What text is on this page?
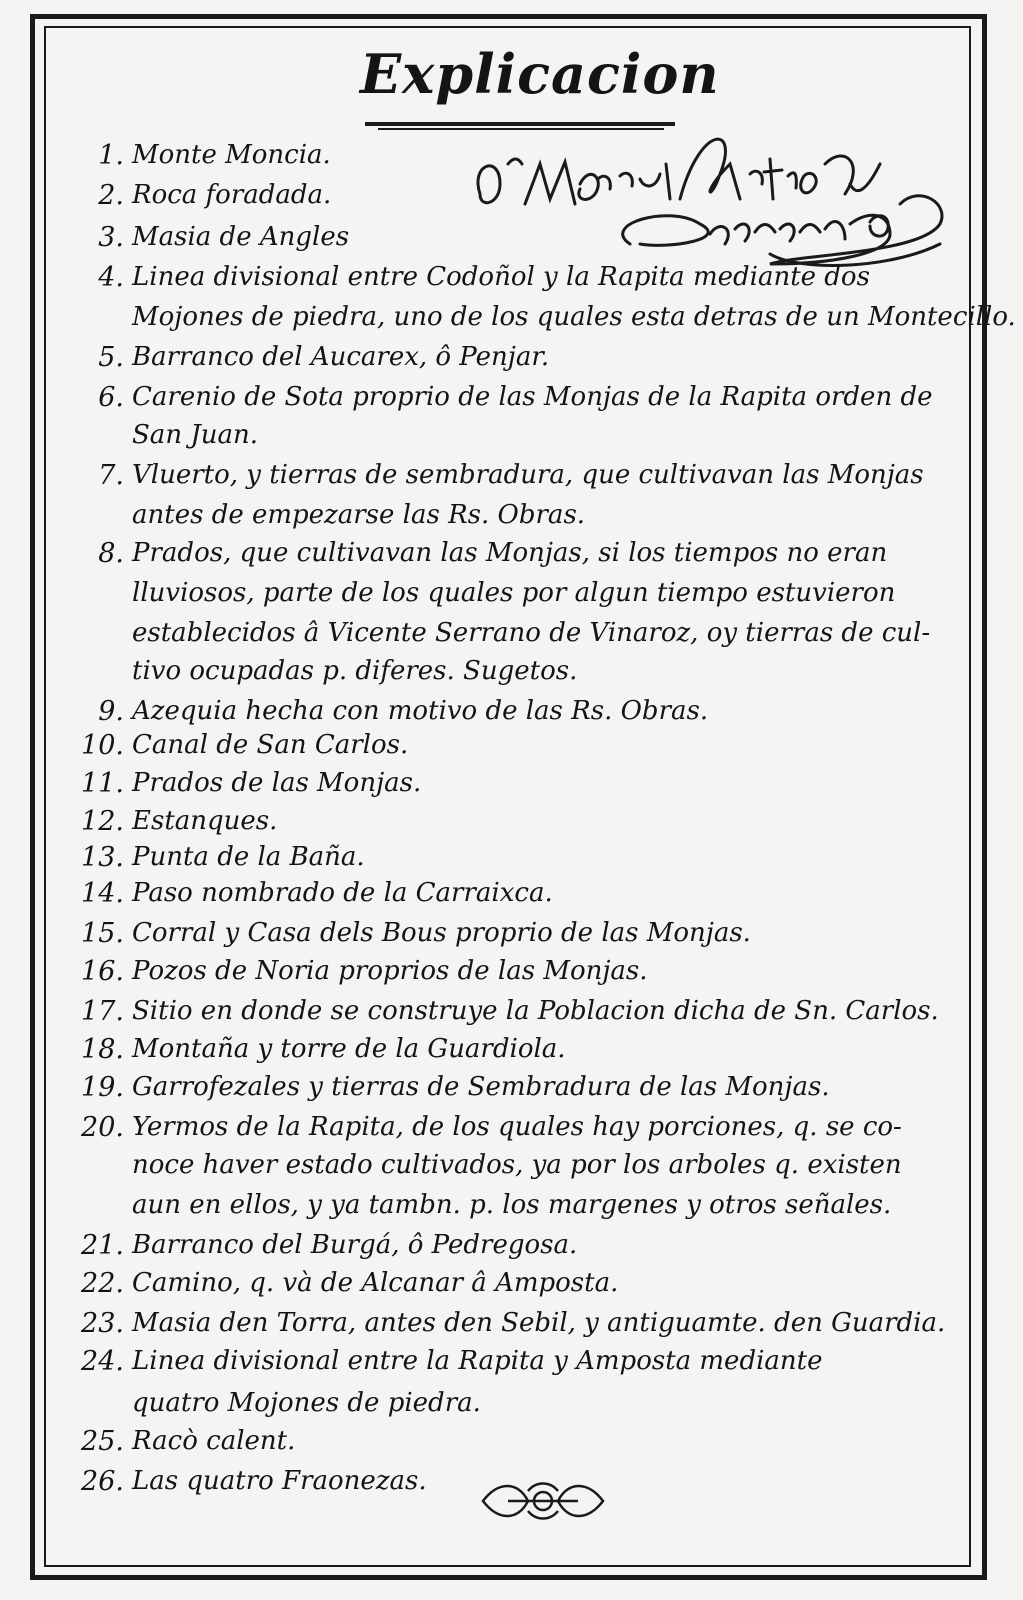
Explicacion
1. Monte Moncia.
2. Roca foradada.
3. Masia de Angles
4. Linea divisional entre Codoñol y la Rapita mediante dos
Mojones de piedra, uno de los quales esta detras de un Montecillo.
5. Barranco del Aucarex, ô Penjar.
6. Carenio de Sota proprio de las Monjas de la Rapita orden de
San Juan.
7. Vluerto, y tierras de sembradura, que cultivavan las Monjas
antes de empezarse las Rs. Obras.
8. Prados, que cultivavan las Monjas, si los tiempos no eran
lluviosos, parte de los quales por algun tiempo estuvieron
establecidos â Vicente Serrano de Vinaroz, oy tierras de cul-
tivo ocupadas p. diferes. Sugetos.
9. Azequia hecha con motivo de las Rs. Obras.
10. Canal de San Carlos.
11. Prados de las Monjas.
12. Estanques.
13. Punta de la Baña.
14. Paso nombrado de la Carraixca.
15. Corral y Casa dels Bous proprio de las Monjas.
16. Pozos de Noria proprios de las Monjas.
17. Sitio en donde se construye la Poblacion dicha de Sn. Carlos.
18. Montaña y torre de la Guardiola.
19. Garrofezales y tierras de Sembradura de las Monjas.
20. Yermos de la Rapita, de los quales hay porciones, q. se co-
noce haver estado cultivados, ya por los arboles q. existen
aun en ellos, y ya tambn. p. los margenes y otros señales.
21. Barranco del Burgá, ô Pedregosa.
22. Camino, q. và de Alcanar â Amposta.
23. Masia den Torra, antes den Sebil, y antiguamte. den Guardia.
24. Linea divisional entre la Rapita y Amposta mediante
quatro Mojones de piedra.
25. Racò calent.
26. Las quatro Fraonezas.
